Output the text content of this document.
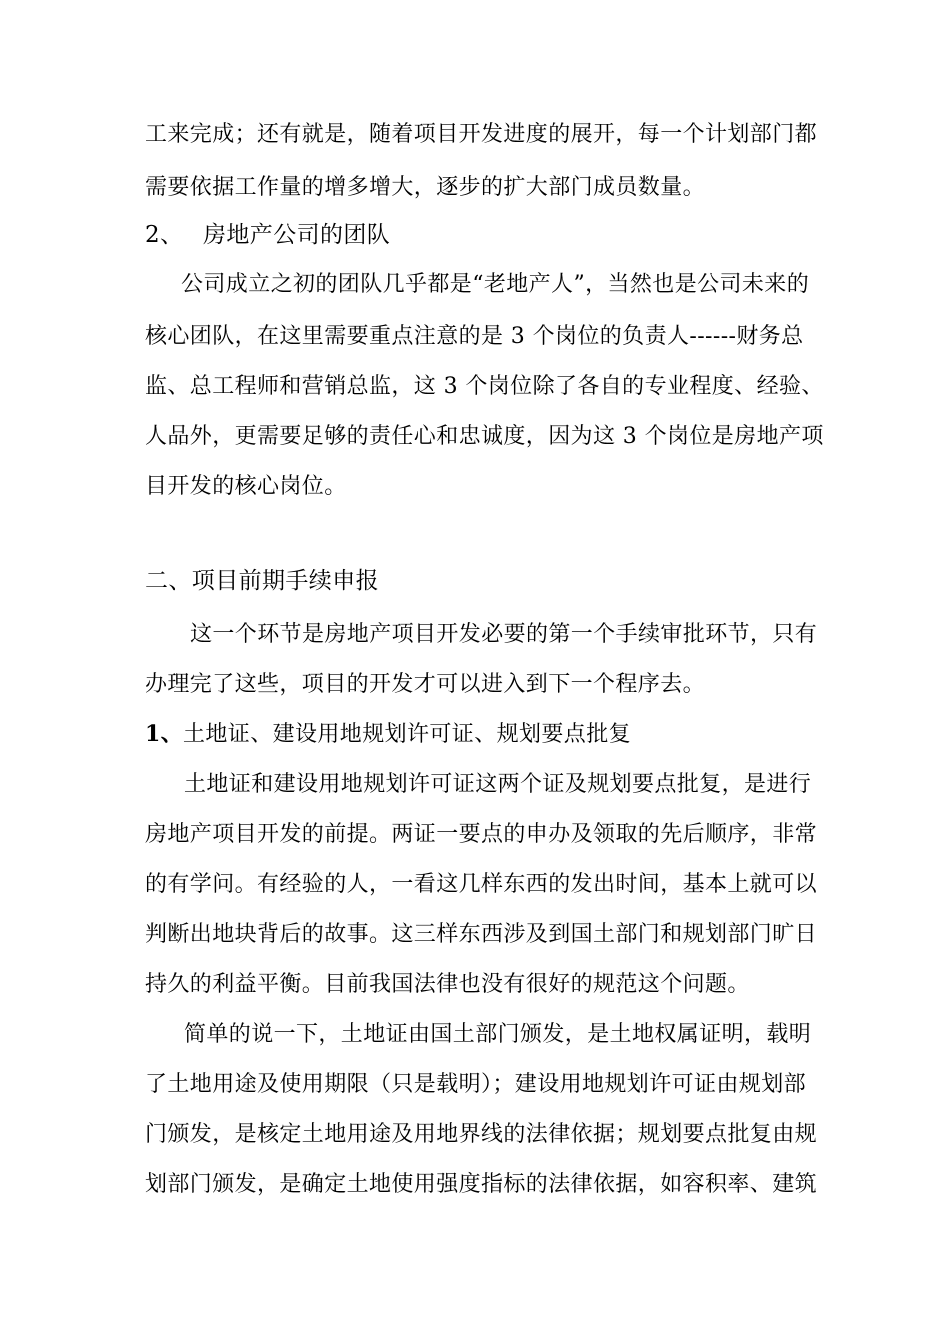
工来完成；还有就是，随着项目开发进度的展开，每一个计划部门都
需要依据工作量的增多增大，逐步的扩大部门成员数量。
2、 房地产公司的团队
公司成立之初的团队几乎都是“老地产人”，当然也是公司未来的
核心团队，在这里需要重点注意的是 3 个岗位的负责人------财务总
监、总工程师和营销总监，这 3 个岗位除了各自的专业程度、经验、
人品外，更需要足够的责任心和忠诚度，因为这 3 个岗位是房地产项
目开发的核心岗位。
二、项目前期手续申报
这一个环节是房地产项目开发必要的第一个手续审批环节，只有
办理完了这些，项目的开发才可以进入到下一个程序去。
1、 土地证、建设用地规划许可证、规划要点批复
土地证和建设用地规划许可证这两个证及规划要点批复，是进行
房地产项目开发的前提。两证一要点的申办及领取的先后顺序，非常
的有学问。有经验的人，一看这几样东西的发出时间，基本上就可以
判断出地块背后的故事。这三样东西涉及到国土部门和规划部门旷日
持久的利益平衡。目前我国法律也没有很好的规范这个问题。
简单的说一下，土地证由国土部门颁发，是土地权属证明，载明
了土地用途及使用期限（只是载明）；建设用地规划许可证由规划部
门颁发，是核定土地用途及用地界线的法律依据；规划要点批复由规
划部门颁发，是确定土地使用强度指标的法律依据，如容积率、建筑
